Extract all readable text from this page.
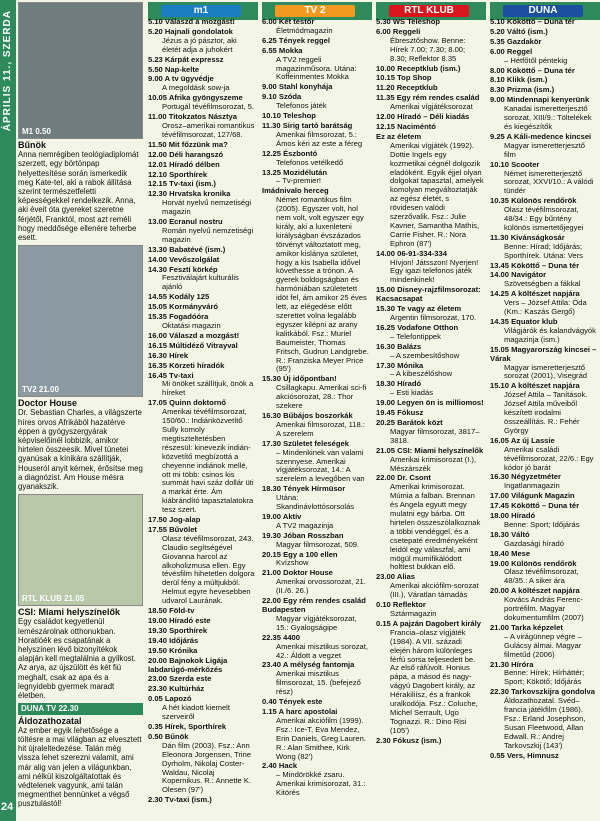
ÁPRILIS 11., SZERDA
24
M1 0.50
Bűnök

Anna nemrégiben teológiadiplomát szerzett, egy börtönpap helyettesítése során ismerkedik meg Kate-tel, aki a rabok állítása szerint természetfeletti képességekkel rendelkezik. Anna, aki éveit óta gyereket szeretne férjétől, Franktól, most azt reméli hogy meddősége ellenére teherbe esett.

TV2 21.00
Doctor House

Dr. Sebastian Charles, a világszerte híres orvos Afrikából hazatérve éppen a gyógyszergyárak képviselőinél lobbizik, amikor hirtelen összeesik. Mivel tünetei gyanúsak a kínikára szállítják, Houseról anyit kérnek, érősítse meg a diagnózist. Am House mésra gyanakszik.

RTL KLUB 21.05
CSI: Miami helyszínelők

Egy családot kegyetlenül lemészárolnak otthonukban. Horatióék es csapatának a helyszínen lévő bizonyítékok alapján kell megtalálnia a gyilkost. Az arya, az újszülött és két fiú meghalt, csak az apa és a legnyidebb gyermek maradt életben.

DUNA TV 22.30
Áldozathozatal

Az ember egyik lehetősége a töltésre a mai világban az elvesztett hit újraleltedezése. Talán még vissza lehet szerezni valamit, ami már alig van jelen a világunkban, ami nélkül kiszolgáltatottak és védtelenek vagyunk, ami talán megmenthet bennünket a végső pusztulástól!

m1	TV 2	RTL KLUB	DUNA
5.10 Válaszd a mozgást!
5.20 Hajnali gondolatok
Jézus a jó pásztor, aki életét adja a juhokért
5.23 Kárpát expressz
5.50 Nap-kelte
9.00 A tv ügyvédje
A megoldásk sow-ja
10.05 Afrika gyöngyszeme
Portugál tévéfilmsorozat, 5.
11.00 Titokzatos Násztya
Orosz–amerikai romantikus tévéfilmsorozat, 127/68.
11.50 Mit főzzünk ma?
12.00 Déli harangszó
12.01 Híradó délben
12.10 Sporthírek
12.15 Tv-taxi (ism.)
12.30 Hrvatska kronika
Horvát nyelvű nemzetiségi magazin
13.00 Ecranul nostru
Román nyelvű nemzetiségi magazin
13.30 Babatévé (ism.)
14.00 Vevőszolgálat
14.30 Fesztí körkép
Fesztiválajárt kulturális ajánló
14.55 Kodály 125
15.05 Kormányváró
15.35 Fogadóóra
Oktatási magazin
16.00 Válaszd a mozgást!
16.15 Múltidéző Vitrayval
16.30 Hírek
16.35 Körzeti híradók
16.45 Tv-taxi
Mi önöket szállítjuk, önök a híreket
17.05 Quinn doktornő
Amerikai tévéfilmsorozat, 150/60.: Indiánközvetítő Sully komoly megtiszteltetésben részesül: kinevezik indiánközvetítő megbízottá a cheyenne indiánok mellé, ott mi több: csinos kis summát havi száz dollár üti a markát érte. Ám kiábrándító tapasztalatokra tesz szert.
17.50 Jog-alap
17.55 Bűvölet
Olasz tévéfilmsorozat, 243. Claudio segítségével Giovanna harcol az alkoholizmusa ellen. Egy tévésfilm hihetetlen dolgora derül fény a múltjukból. Helmut egyre hevesebben udvarol Laurának.
18.50 Föld-tv
19.00 Híradó este
19.30 Sporthírek
19.40 Időjárás
19.50 Krónika
20.00 Bajnokok Ligája labdarúgó-mérkőzés
23.00 Szerda este
23.30 Kultúrház
0.05 Lapozó
A hét kiadott kiemelt szerveiről
0.35 Hírek, Sporthírek
0.50 Bűnök
Dán film (2003). Fsz.: Ann Eleonora Jorgensen, Trine Dyrholm, Nikolaj Coster-Waldau, Nicolaj Kopernikus. R.: Annette K. Olesen (97')
2.30 Tv-taxi (ism.)
6.00 Két testőr
Életmódmagazin
6.25 Tények reggel
6.55 Mokka
A TV2 reggeli magazinműsora. Utána: Koffeinmentes Mokka
9.00 Stahl konyhája
9.10 Szóda
Telefonos játék
10.10 Teleshop
11.30 Sírig tartó barátság
Amerikai filmsorozat, 5.: Ámos kéri az este a féreg
12.25 Észbontó
Telefonos vetélkedő
13.25 Mozidélután
– Tv-premier!
Imádnivalo herceg
Német romantikus film (2005). Egyszer volt, hol nem volt, volt egyszer egy király, aki a luxenleteni királyságban évszázados törvényt változtatott meg, amikor kislánya születet, hogy a kis Isabella idővel követhesse a trónon. A gyerek boldogságban és harmóniában születetett idöt fel, ám amikor 25 éves lett, az elégedése előtt szerettet volna legalább egyszer kilépni az arany kalitkából. Fsz.: Muriel Baumeister, Thomas Fritsch, Gudrun Landgrebe. R.: Franziska Meyer Price (95')
15.30 Új időpontban!
Csillagkapu. Amerikai sci-fi akciósorozat, 28.: Thor szekere
16.30 Bűbájos boszorkák
Amerikai filmsorozat, 118.: A szerelem
17.30 Születet feleségek
– Mindenkinek van valami szennyese. Amerikai vígjátéksorozat, 14.: A szerelem a levegőben van
18.30 Tények Hírmüsor
Utána: Skandinávlottósorsolás
19.00 Aktív
A TV2 magazinja
19.30 Jóban Rosszban
Magyar filmsorozat, 509.
20.15 Egy a 100 ellen
Kvízshow
21.00 Doktor House
Amerikai orvossorozat, 21. (II./6. 26.)
22.00 Egy rém rendes család Budapesten
Magyar vígjátéksorozat, 15.: Gyalogságipe
22.35 4400
Amerikai misztikus sorozat, 42.: Áldott a vegzet
23.40 A mélység fantomja
Amerikai misztikus filmsorozat, 15. (befejező rész)
0.40 Tények este
1.15 A harc apostolai
Amerikai akciófilm (1999). Fsz.: Ice-T, Eva Mendez, Erin Daniels, Greg Lauren. R.: Alan Smithee, Kirk Wong (82')
2.40 Hack
– Mindörökké zsaru. Amerikai krimisorozat, 31.: Kitörés
5.30 WS Teleshop
6.00 Reggeli
Ébresztőshow. Benne: Hírek 7.00; 7.30; 8.00; 8.30; Reflektor 8.35
10.00 Receptklub (ism.)
10.15 Top Shop
11.20 Receptklub
11.35 Egy rém rendes család
Amerikai vígjátéksorozat
12.00 Híradó – Déli kiadás
12.15 Naciméntó
Ez az életem
Amerikai vígjáték (1992). Dottie Ingels egy kozmetikai cégnél dolgozik eladóként. Egyik éjjel olyan dolgokat tapasztal, amelyek komolyan megváltoztatják az egész életét, s rövidesen valódi szerzővalik. Fsz.: Julie Kavner, Samantha Mathis, Carrie Fisher. R.: Nora Ephron (87')
14.00 06-91-334-334
Hívjon! Játsszon! Nyerjen! Egy igazi telefonos játék mindenkinek!
15.00 Disney-rajzfilmsorozat: Kacsacsapat
15.30 Te vagy az életem
Argentin filmsorozat, 170.
16.25 Vodafone Otthon
– Telefontippek
16.30 Balázs
– A szembesítőshow
17.30 Mónika
– A kibeszélőshow
18.30 Híradó
– Esti kiadás
19.00 Legyen ön is milliomos!
19.45 Fókusz
20.25 Barátok közt
Magyar filmsorozat, 3817–3818.
21.05 CSI: Miami helyszínelők
Amerikai krimisorozat (I.), Mészárszék
22.00 Dr. Csont
Amerikai krimisorozat. Múmia a falban. Brennan és Angela egyutt megy mulatni egy bárba. Ott hirtelen összeszólalkoznak a többi vendéggel, és a csetepaté eredményeként leidól egy válaszfal, ami mögül mumifikálódott holttest bukkan elő.
23.00 Alias
Amerikai akciófilm-sorozat (III.), Váratlan támadás
0.10 Reflektor
Sztármagazin
0.15 A pajzán Dagobert király
Francia–olasz vígjáték (1984). A VII. századi elején három különleges férfú sorsa teljesedett be. Az első ráfúvolt. Honius pápa, a másod és nagyvágyú Dagobert király, az Hérakiliísz, és a frankok uralkodója. Fsz.: Coluche, Michel Serrault, Ugo Tognazzi. R.: Dino Risi (105')
2.30 Fókusz (ism.)
5.10 Kököttő – Duna tér
5.20 Váltó (ism.)
5.35 Gazdakör
6.00 Reggel
– Hétfőtől péntekig
8.00 Kököttő – Duna tér
8.10 Klikk (ism.)
8.30 Prizma (ism.)
9.00 Mindennapi kenyerünk
Kanadai ismeretterjesztő sorozat, XIII/9.: Töltelékek és kiegészítők
9.25 A Káli-medence kincsei
Magyar ismeretterjesztő film
10.10 Scooter
Német ismeretterjesztő sorozat, XXVI/10.: A válódi tündér
10.35 Különös rendőrök
Olasz tévéfilmsorozat, 48/34.: Egy bűntény különös ismertetőjegyei
11.30 Kivánságkosár
Benne: Hírad; Időjárás; Sporthírek. Utána: Vers
13.45 Kököttő – Duna tér
14.00 Navigátor
Szövetségben a fákkal
14.25 A költészet napjára
Vers – József Attila: Óda (Km.: Kaszás Gergő)
14.35 Equator klub
Világjárók és kalandvágyók magazinja (ism.)
15.05 Magyarország kincsei – Várak
Magyar ismeretterjesztő sorozat (2001), Visegrád
15.10 A költészet napjára
József Attila – Tanítások. József Attila műveiből készített irodalmi összeállítás. R.: Fehér György
16.05 Az új Lassie
Amerikai családi tévéfilmsorozat, 22/6.: Egy kódor jó barát
16.30 Négyzetméter
Ingatlanmagazin
17.00 Világunk Magazin
17.45 Kököttő – Duna tér
18.00 Híradó
Benne: Sport; Időjárás
18.30 Váltó
Gazdasági híradó
18.40 Mese
19.00 Különös rendőrök
Olasz tévéfilmsorozat, 48/35.: A siker ára
20.00 A költészet napjára
Kovács András Ferenc-portréfilm. Magyar dokumentumfilm (2007)
21.00 Tarka képzelet
– A virágünnep végre – Gulácsy álmai. Magyar filmetűd (2006)
21.30 Híróra
Benne: Hírek; Hírháttér; Sport; Kökötő; Időjárás
22.30 Tarkovszkijra gondolva
Áldozathozatal. Svéd–francia játékfilm (1986). Fsz.: Erland Josephson, Susan Fleetwood, Allan Edwall. R.: Andrej Tarkovszkij (143')
0.55 Vers, Himnusz
